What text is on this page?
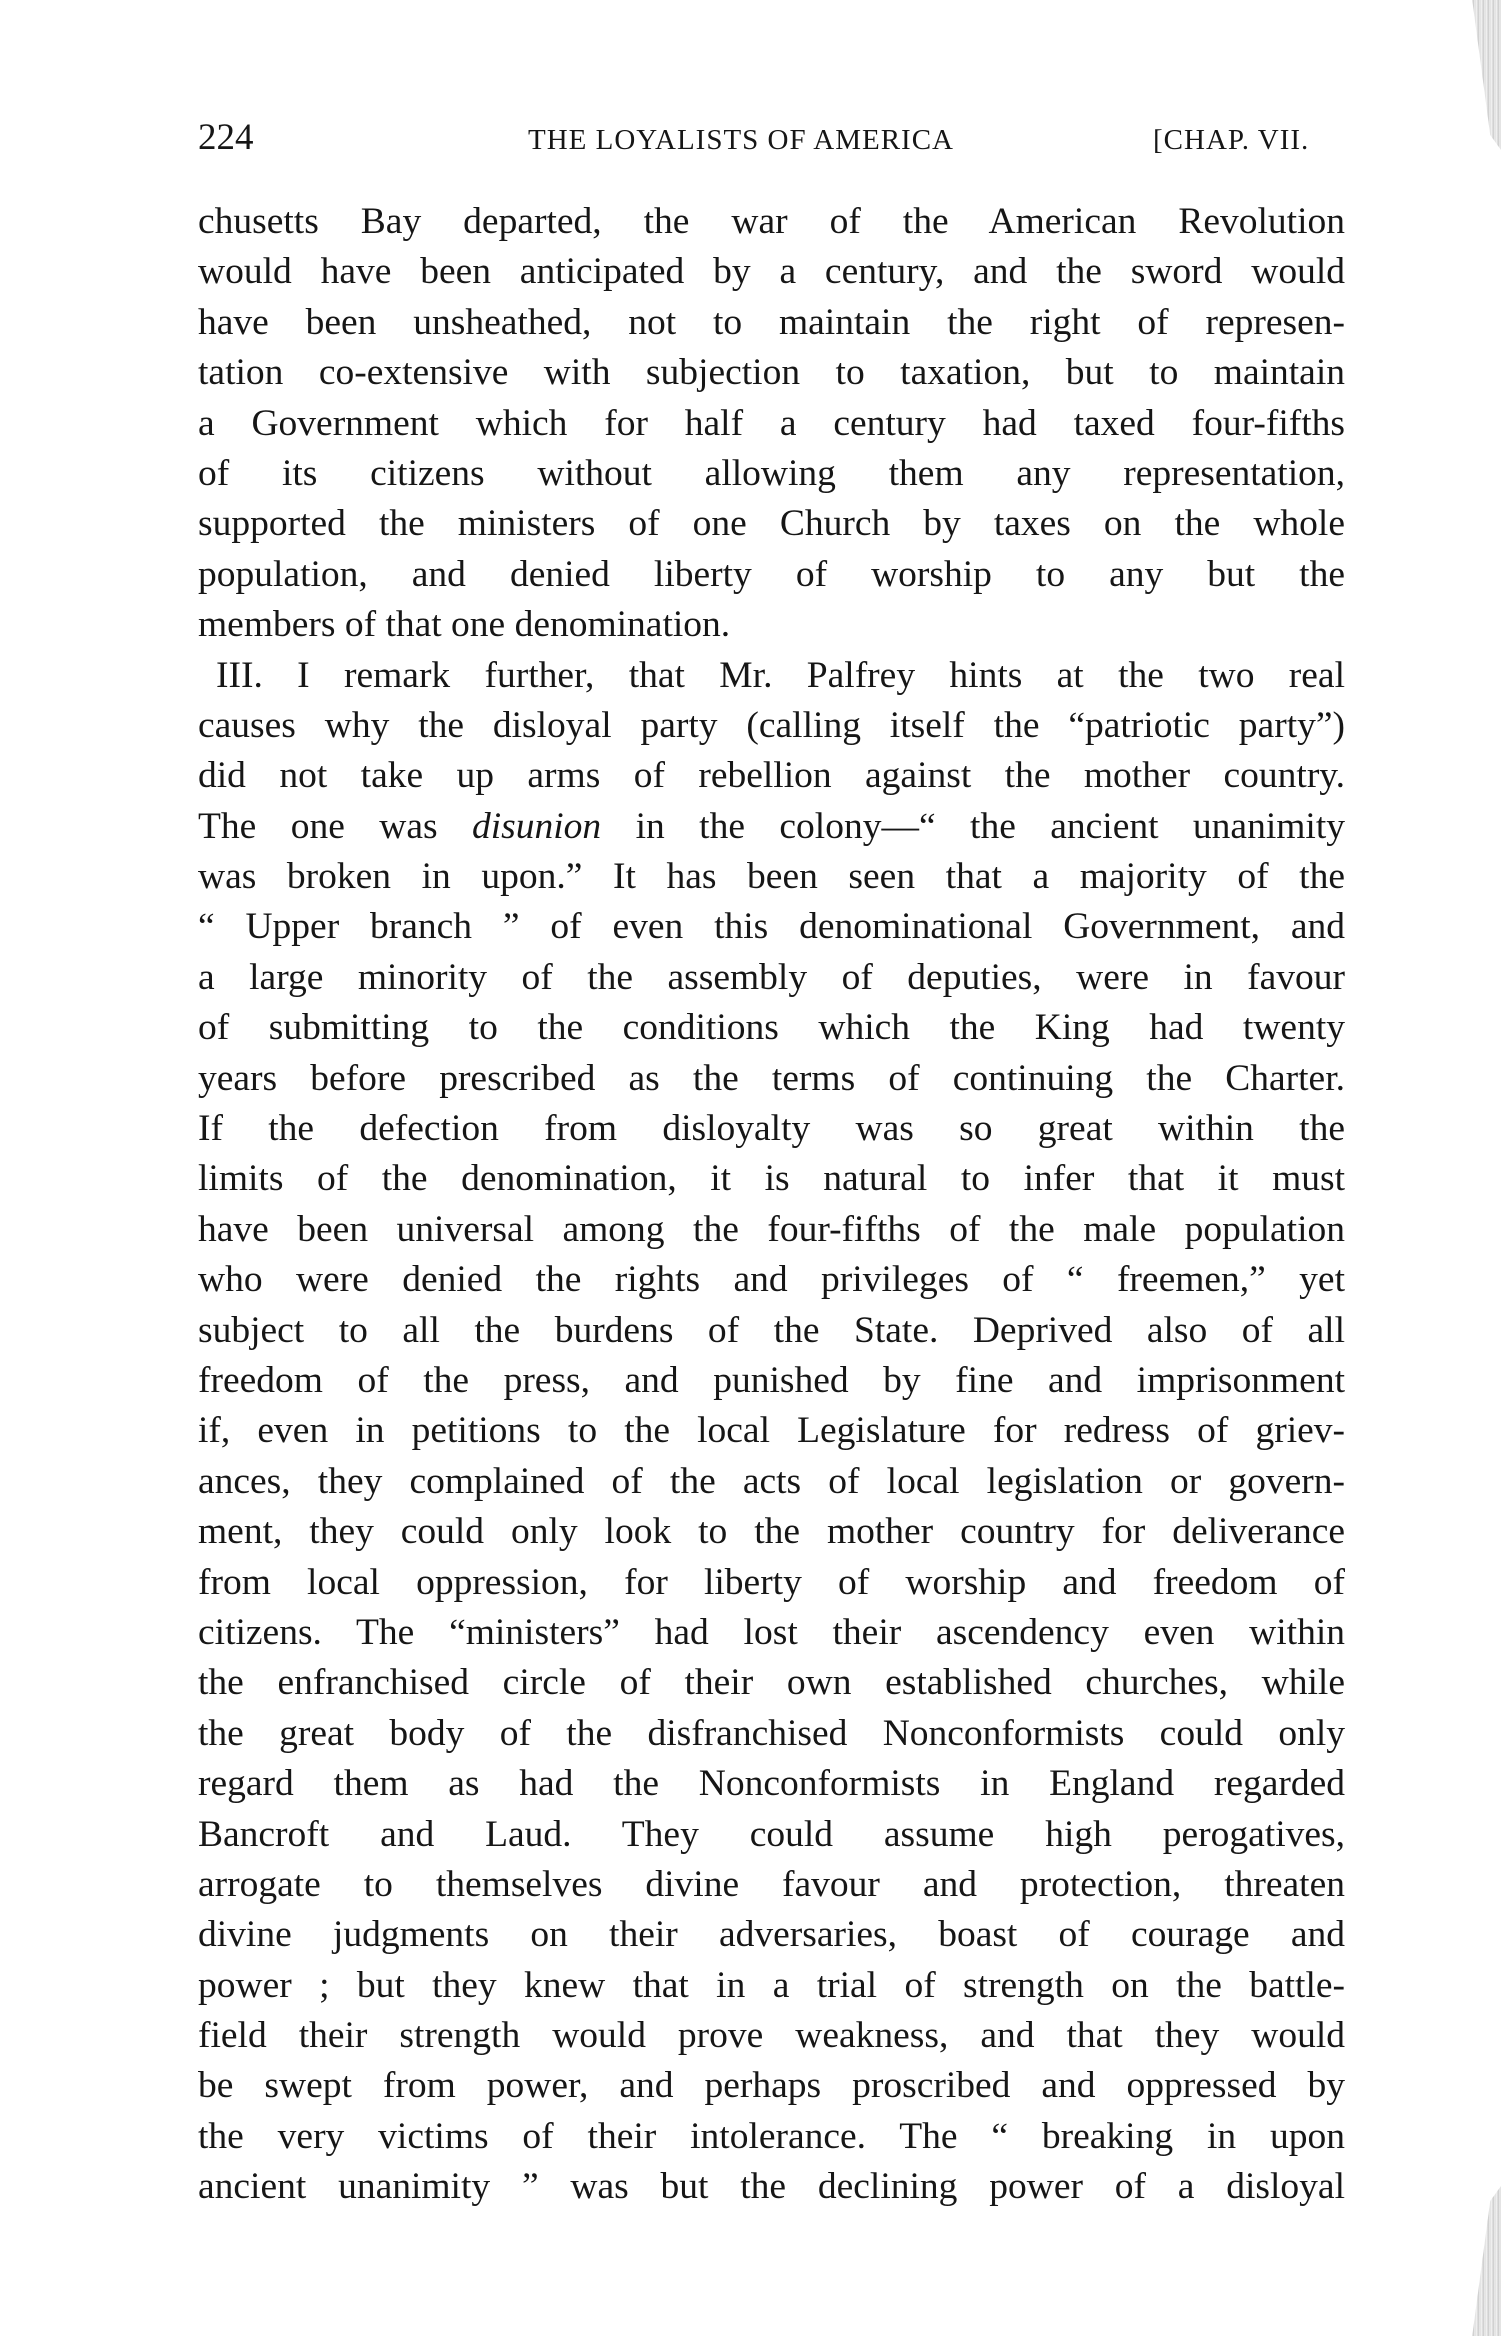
224	THE LOYALISTS OF AMERICA	[CHAP. VII.
chusetts Bay departed, the war of the American Revolution
would have been anticipated by a century, and the sword would
have been unsheathed, not to maintain the right of represen-
tation co-extensive with subjection to taxation, but to maintain
a Government which for half a century had taxed four-fifths
of its citizens without allowing them any representation,
supported the ministers of one Church by taxes on the whole
population, and denied liberty of worship to any but the
members of that one denomination.
III. I remark further, that Mr. Palfrey hints at the two real
causes why the disloyal party (calling itself the “patriotic party”)
did not take up arms of rebellion against the mother country.
The one was disunion in the colony—“ the ancient unanimity
was broken in upon.” It has been seen that a majority of the
“ Upper branch ” of even this denominational Government, and
a large minority of the assembly of deputies, were in favour
of submitting to the conditions which the King had twenty
years before prescribed as the terms of continuing the Charter.
If the defection from disloyalty was so great within the
limits of the denomination, it is natural to infer that it must
have been universal among the four-fifths of the male population
who were denied the rights and privileges of “ freemen,” yet
subject to all the burdens of the State. Deprived also of all
freedom of the press, and punished by fine and imprisonment
if, even in petitions to the local Legislature for redress of griev-
ances, they complained of the acts of local legislation or govern-
ment, they could only look to the mother country for deliverance
from local oppression, for liberty of worship and freedom of
citizens. The “ministers” had lost their ascendency even within
the enfranchised circle of their own established churches, while
the great body of the disfranchised Nonconformists could only
regard them as had the Nonconformists in England regarded
Bancroft and Laud. They could assume high perogatives,
arrogate to themselves divine favour and protection, threaten
divine judgments on their adversaries, boast of courage and
power ; but they knew that in a trial of strength on the battle-
field their strength would prove weakness, and that they would
be swept from power, and perhaps proscribed and oppressed by
the very victims of their intolerance. The “ breaking in upon
ancient unanimity ” was but the declining power of a disloyal
